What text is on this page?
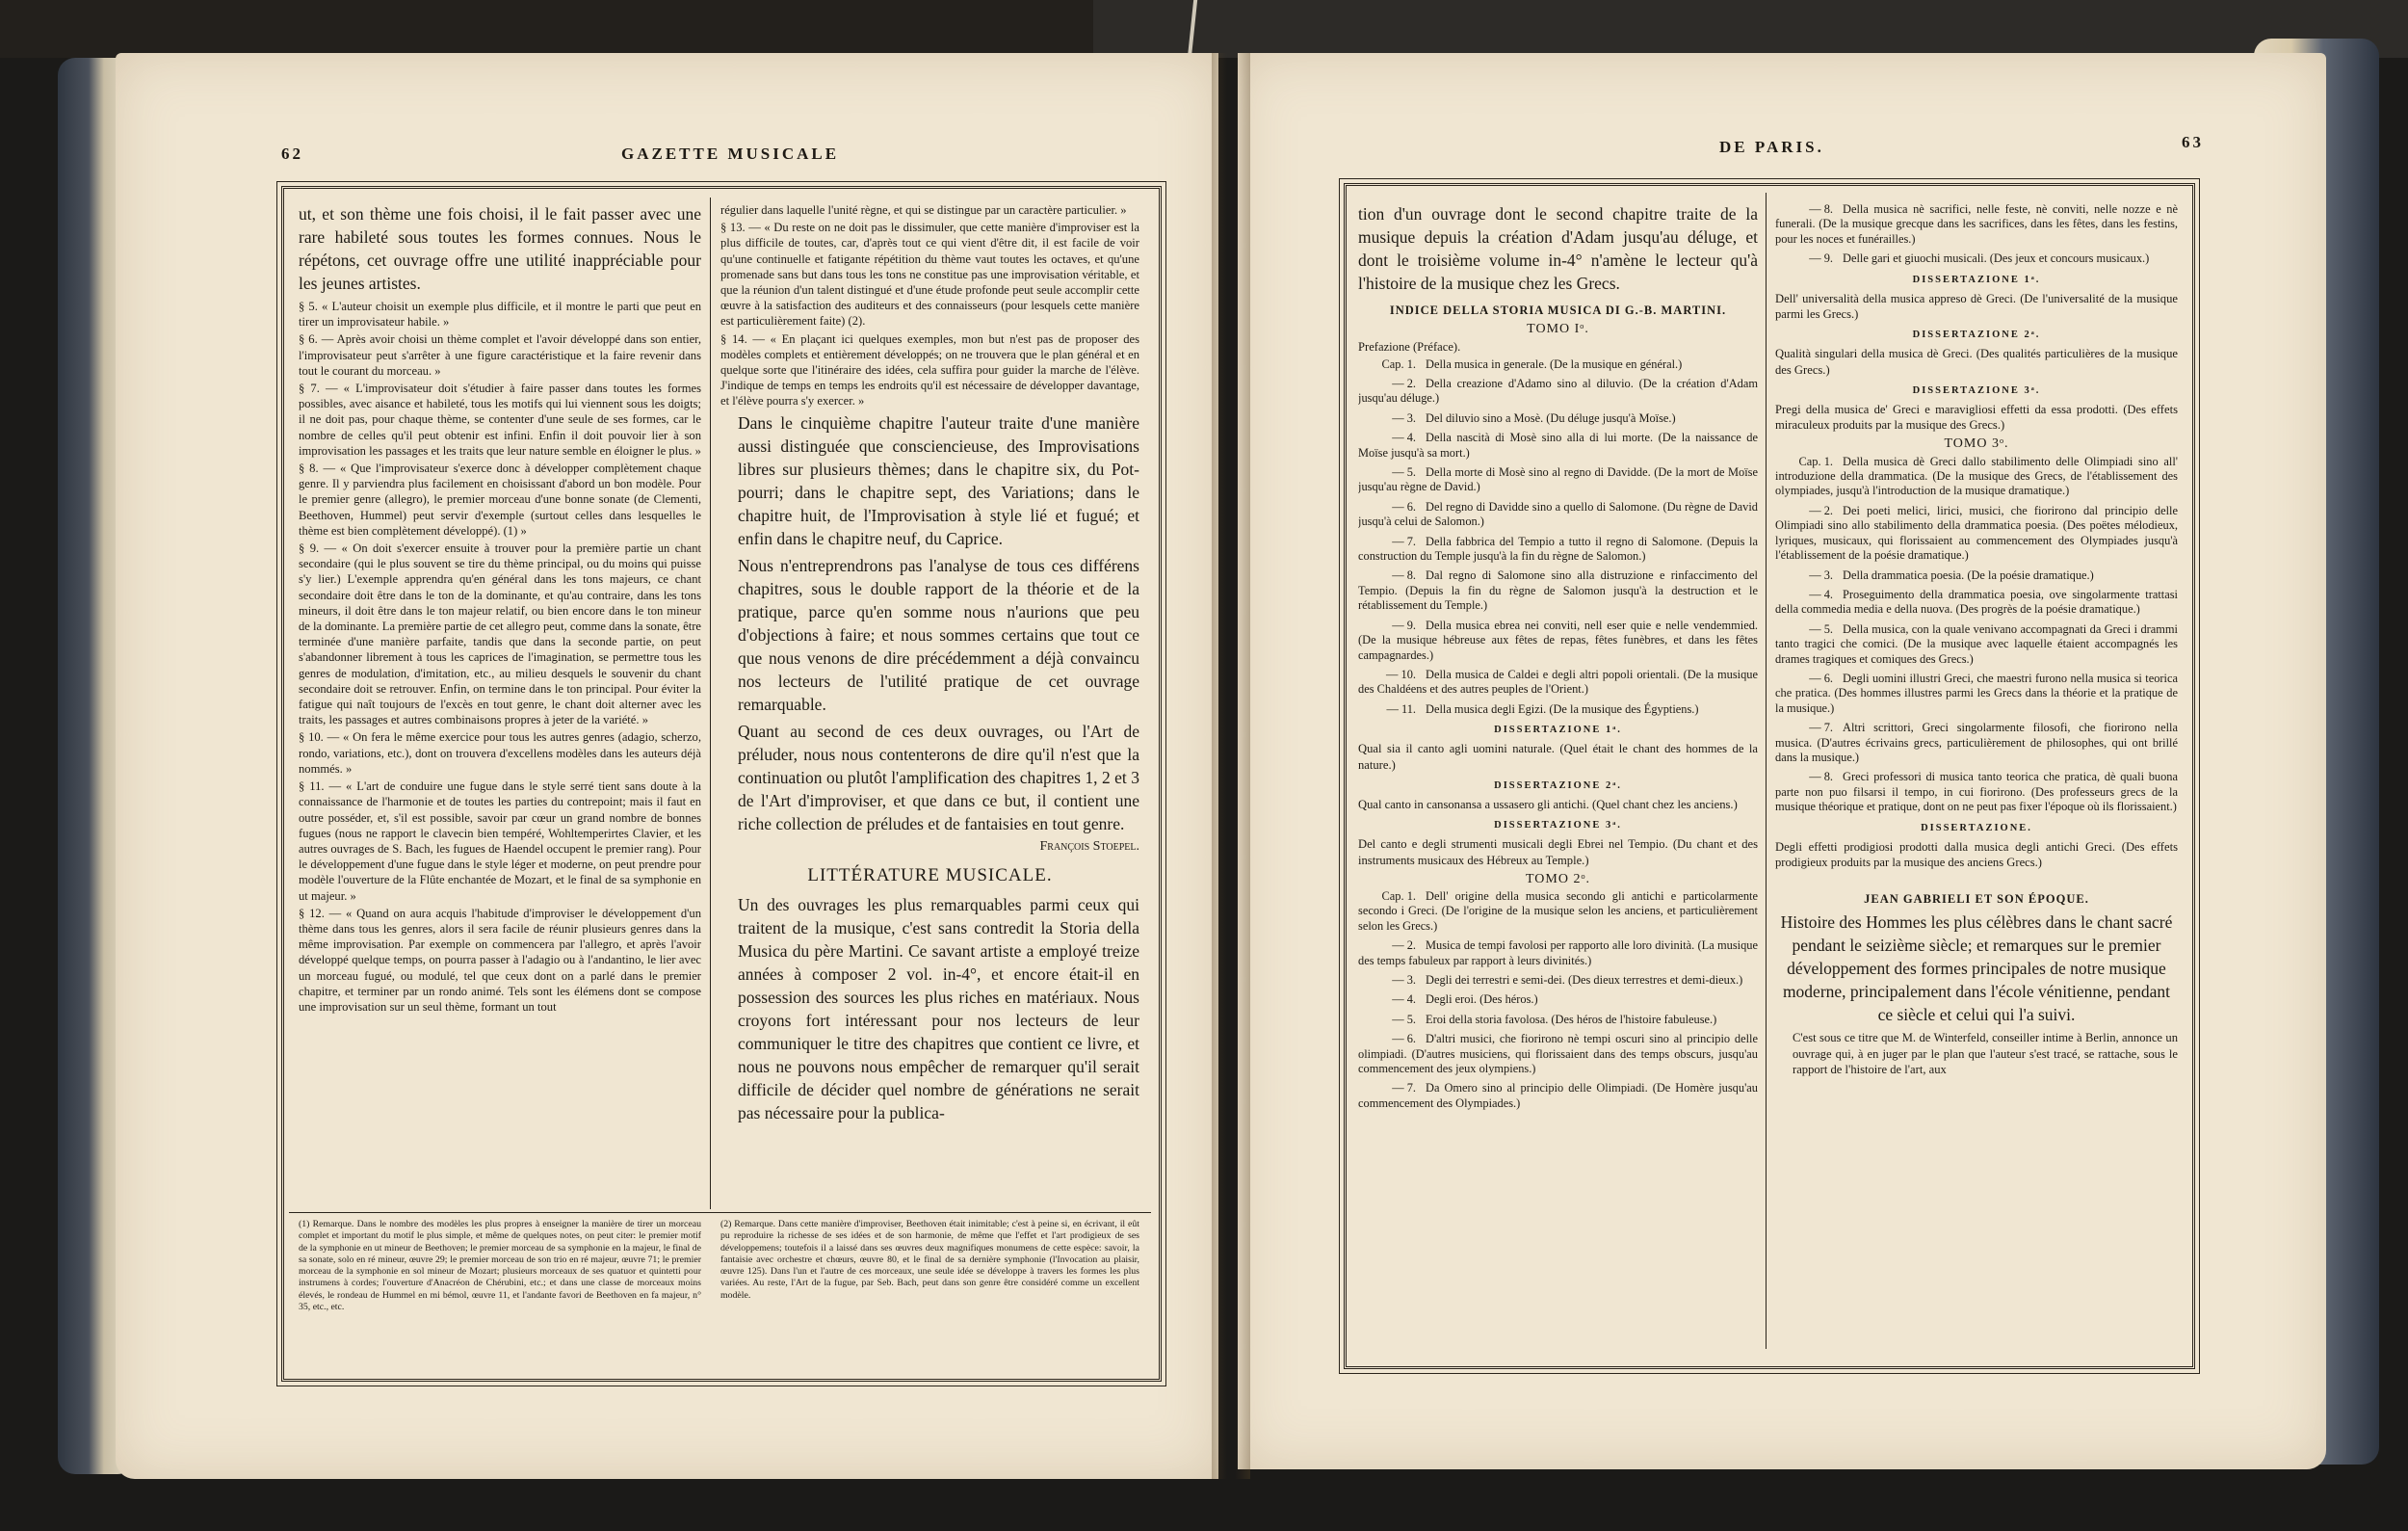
62	GAZETTE MUSICALE

ut, et son thème une fois choisi, il le fait passer avec une rare habileté sous toutes les formes connues. Nous le répétons, cet ouvrage offre une utilité inappréciable pour les jeunes artistes.

§ 5. « L'auteur choisit un exemple plus difficile, et il montre le parti que peut en tirer un improvisateur habile. »

§ 6. — Après avoir choisi un thème complet et l'avoir développé dans son entier, l'improvisateur peut s'arrêter à une figure caractéristique et la faire revenir dans tout le courant du morceau. »

§ 7. — « L'improvisateur doit s'étudier à faire passer dans toutes les formes possibles, avec aisance et habileté, tous les motifs qui lui viennent sous les doigts; il ne doit pas, pour chaque thème, se contenter d'une seule de ses formes, car le nombre de celles qu'il peut obtenir est infini. Enfin il doit pouvoir lier à son improvisation les passages et les traits que leur nature semble en éloigner le plus. »

§ 8. — « Que l'improvisateur s'exerce donc à développer complètement chaque genre. Il y parviendra plus facilement en choisissant d'abord un bon modèle. Pour le premier genre (allegro), le premier morceau d'une bonne sonate (de Clementi, Beethoven, Hummel) peut servir d'exemple (surtout celles dans lesquelles le thème est bien complètement développé). (1) »

§ 9. — « On doit s'exercer ensuite à trouver pour la première partie un chant secondaire (qui le plus souvent se tire du thème principal, ou du moins qui puisse s'y lier.) L'exemple apprendra qu'en général dans les tons majeurs, ce chant secondaire doit être dans le ton de la dominante, et qu'au contraire, dans les tons mineurs, il doit être dans le ton majeur relatif, ou bien encore dans le ton mineur de la dominante. La première partie de cet allegro peut, comme dans la sonate, être terminée d'une manière parfaite, tandis que dans la seconde partie, on peut s'abandonner librement à tous les caprices de l'imagination, se permettre tous les genres de modulation, d'imitation, etc., au milieu desquels le souvenir du chant secondaire doit se retrouver. Enfin, on termine dans le ton principal. Pour éviter la fatigue qui naît toujours de l'excès en tout genre, le chant doit alterner avec les traits, les passages et autres combinaisons propres à jeter de la variété. »

§ 10. — « On fera le même exercice pour tous les autres genres (adagio, scherzo, rondo, variations, etc.), dont on trouvera d'excellens modèles dans les auteurs déjà nommés. »

§ 11. — « L'art de conduire une fugue dans le style serré tient sans doute à la connaissance de l'harmonie et de toutes les parties du contrepoint; mais il faut en outre posséder, et, s'il est possible, savoir par cœur un grand nombre de bonnes fugues (nous ne rapport le clavecin bien tempéré, Wohltemperirtes Clavier, et les autres ouvrages de S. Bach, les fugues de Haendel occupent le premier rang). Pour le développement d'une fugue dans le style léger et moderne, on peut prendre pour modèle l'ouverture de la Flûte enchantée de Mozart, et le final de sa symphonie en ut majeur. »

§ 12. — « Quand on aura acquis l'habitude d'improviser le développement d'un thème dans tous les genres, alors il sera facile de réunir plusieurs genres dans la même improvisation. Par exemple on commencera par l'allegro, et après l'avoir développé quelque temps, on pourra passer à l'adagio ou à l'andantino, le lier avec un morceau fugué, ou modulé, tel que ceux dont on a parlé dans le premier chapitre, et terminer par un rondo animé. Tels sont les élémens dont se compose une improvisation sur un seul thème, formant un tout

(1) Remarque. Dans le nombre des modèles les plus propres à enseigner la manière de tirer un morceau complet et important du motif le plus simple, et même de quelques notes, on peut citer: le premier motif de la symphonie en ut mineur de Beethoven; le premier morceau de sa symphonie en la majeur, le final de sa sonate, solo en ré mineur, œuvre 29; le premier morceau de son trio en ré majeur, œuvre 71; le premier morceau de la symphonie en sol mineur de Mozart; plusieurs morceaux de ses quatuor et quintetti pour instrumens à cordes; l'ouverture d'Anacréon de Chérubini, etc.; et dans une classe de morceaux moins élevés, le rondeau de Hummel en mi bémol, œuvre 11, et l'andante favori de Beethoven en fa majeur, n° 35, etc., etc.

régulier dans laquelle l'unité règne, et qui se distingue par un caractère particulier. »

§ 13. — « Du reste on ne doit pas le dissimuler, que cette manière d'improviser est la plus difficile de toutes, car, d'après tout ce qui vient d'être dit, il est facile de voir qu'une continuelle et fatigante répétition du thème vaut toutes les octaves, et qu'une promenade sans but dans tous les tons ne constitue pas une improvisation véritable, et que la réunion d'un talent distingué et d'une étude profonde peut seule accomplir cette œuvre à la satisfaction des auditeurs et des connaisseurs (pour lesquels cette manière est particulièrement faite) (2).

§ 14. — « En plaçant ici quelques exemples, mon but n'est pas de proposer des modèles complets et entièrement développés; on ne trouvera que le plan général et en quelque sorte que l'itinéraire des idées, cela suffira pour guider la marche de l'élève. J'indique de temps en temps les endroits qu'il est nécessaire de développer davantage, et l'élève pourra s'y exercer. »

Dans le cinquième chapitre l'auteur traite d'une manière aussi distinguée que consciencieuse, des Improvisations libres sur plusieurs thèmes; dans le chapitre six, du Pot-pourri; dans le chapitre sept, des Variations; dans le chapitre huit, de l'Improvisation à style lié et fugué; et enfin dans le chapitre neuf, du Caprice.

Nous n'entreprendrons pas l'analyse de tous ces différens chapitres, sous le double rapport de la théorie et de la pratique, parce qu'en somme nous n'aurions que peu d'objections à faire; et nous sommes certains que tout ce que nous venons de dire précédemment a déjà convaincu nos lecteurs de l'utilité pratique de cet ouvrage remarquable.

Quant au second de ces deux ouvrages, ou l'Art de préluder, nous nous contenterons de dire qu'il n'est que la continuation ou plutôt l'amplification des chapitres 1, 2 et 3 de l'Art d'improviser, et que dans ce but, il contient une riche collection de préludes et de fantaisies en tout genre.

François Stoepel.

LITTÉRATURE MUSICALE.

Un des ouvrages les plus remarquables parmi ceux qui traitent de la musique, c'est sans contredit la Storia della Musica du père Martini. Ce savant artiste a employé treize années à composer 2 vol. in-4°, et encore était-il en possession des sources les plus riches en matériaux. Nous croyons fort intéressant pour nos lecteurs de leur communiquer le titre des chapitres que contient ce livre, et nous ne pouvons nous empêcher de remarquer qu'il serait difficile de décider quel nombre de générations ne serait pas nécessaire pour la publica-

(2) Remarque. Dans cette manière d'improviser, Beethoven était inimitable; c'est à peine si, en écrivant, il eût pu reproduire la richesse de ses idées et de son harmonie, de même que l'effet et l'art prodigieux de ses développemens; toutefois il a laissé dans ses œuvres deux magnifiques monumens de cette espèce: savoir, la fantaisie avec orchestre et chœurs, œuvre 80, et le final de sa dernière symphonie (l'Invocation au plaisir, œuvre 125). Dans l'un et l'autre de ces morceaux, une seule idée se développe à travers les formes les plus variées. Au reste, l'Art de la fugue, par Seb. Bach, peut dans son genre être considéré comme un excellent modèle.

DE PARIS.	63

tion d'un ouvrage dont le second chapitre traite de la musique depuis la création d'Adam jusqu'au déluge, et dont le troisième volume in-4° n'amène le lecteur qu'à l'histoire de la musique chez les Grecs.

INDICE DELLA STORIA MUSICA DI G.-B. MARTINI.
TOMO Iᵒ.

Prefazione (Préface).

Cap. 1. Della musica in generale. (De la musique en général.)
— 2. Della creazione d'Adamo sino al diluvio. (De la création d'Adam jusqu'au déluge.)
— 3. Del diluvio sino a Mosè. (Du déluge jusqu'à Moïse.)
— 4. Della nascità di Mosè sino alla di lui morte. (De la naissance de Moïse jusqu'à sa mort.)
— 5. Della morte di Mosè sino al regno di Davidde. (De la mort de Moïse jusqu'au règne de David.)
— 6. Del regno di Davidde sino a quello di Salomone. (Du règne de David jusqu'à celui de Salomon.)
— 7. Della fabbrica del Tempio a tutto il regno di Salomone. (Depuis la construction du Temple jusqu'à la fin du règne de Salomon.)
— 8. Dal regno di Salomone sino alla distruzione e rinfaccimento del Tempio. (Depuis la fin du règne de Salomon jusqu'à la destruction et le rétablissement du Temple.)
— 9. Della musica ebrea nei conviti, nell eser quie e nelle vendemmied. (De la musique hébreuse aux fêtes de repas, fêtes funèbres, et dans les fêtes campagnardes.)
— 10. Della musica de Caldei e degli altri popoli orientali. (De la musique des Chaldéens et des autres peuples de l'Orient.)
— 11. Della musica degli Egizi. (De la musique des Égyptiens.)
DISSERTAZIONE 1ᵃ.

Qual sia il canto agli uomini naturale. (Quel était le chant des hommes de la nature.)

DISSERTAZIONE 2ᵃ.

Qual canto in cansonansa a ussasero gli antichi. (Quel chant chez les anciens.)

DISSERTAZIONE 3ᵃ.

Del canto e degli strumenti musicali degli Ebrei nel Tempio. (Du chant et des instruments musicaux des Hébreux au Temple.)

TOMO 2ᵒ.
Cap. 1. Dell' origine della musica secondo gli antichi e particolarmente secondo i Greci. (De l'origine de la musique selon les anciens, et particulièrement selon les Grecs.)
— 2. Musica de tempi favolosi per rapporto alle loro divinità. (La musique des temps fabuleux par rapport à leurs divinités.)
— 3. Degli dei terrestri e semi-dei. (Des dieux terrestres et demi-dieux.)
— 4. Degli eroi. (Des héros.)
— 5. Eroi della storia favolosa. (Des héros de l'histoire fabuleuse.)
— 6. D'altri musici, che fiorirono nè tempi oscuri sino al principio delle olimpiadi. (D'autres musiciens, qui florissaient dans des temps obscurs, jusqu'au commencement des jeux olympiens.)
— 7. Da Omero sino al principio delle Olimpiadi. (De Homère jusqu'au commencement des Olympiades.)
— 8. Della musica nè sacrifici, nelle feste, nè conviti, nelle nozze e nè funerali. (De la musique grecque dans les sacrifices, dans les fêtes, dans les festins, pour les noces et funérailles.)
— 9. Delle gari et giuochi musicali. (Des jeux et concours musicaux.)
DISSERTAZIONE 1ᵃ.

Dell' universalità della musica appreso dè Greci. (De l'universalité de la musique parmi les Grecs.)

DISSERTAZIONE 2ᵃ.

Qualità singulari della musica dè Greci. (Des qualités particulières de la musique des Grecs.)

DISSERTAZIONE 3ᵃ.

Pregi della musica de' Greci e maravigliosi effetti da essa prodotti. (Des effets miraculeux produits par la musique des Grecs.)

TOMO 3ᵒ.
Cap. 1. Della musica dè Greci dallo stabilimento delle Olimpiadi sino all' introduzione della drammatica. (De la musique des Grecs, de l'établissement des olympiades, jusqu'à l'introduction de la musique dramatique.)
— 2. Dei poeti melici, lirici, musici, che fiorirono dal principio delle Olimpiadi sino allo stabilimento della drammatica poesia. (Des poëtes mélodieux, lyriques, musicaux, qui florissaient au commencement des Olympiades jusqu'à l'établissement de la poésie dramatique.)
— 3. Della drammatica poesia. (De la poésie dramatique.)
— 4. Proseguimento della drammatica poesia, ove singolarmente trattasi della commedia media e della nuova. (Des progrès de la poésie dramatique.)
— 5. Della musica, con la quale venivano accompagnati da Greci i drammi tanto tragici che comici. (De la musique avec laquelle étaient accompagnés les drames tragiques et comiques des Grecs.)
— 6. Degli uomini illustri Greci, che maestri furono nella musica si teorica che pratica. (Des hommes illustres parmi les Grecs dans la théorie et la pratique de la musique.)
— 7. Altri scrittori, Greci singolarmente filosofi, che fiorirono nella musica. (D'autres écrivains grecs, particulièrement de philosophes, qui ont brillé dans la musique.)
— 8. Greci professori di musica tanto teorica che pratica, dè quali buona parte non puo filsarsi il tempo, in cui fiorirono. (Des professeurs grecs de la musique théorique et pratique, dont on ne peut pas fixer l'époque où ils florissaient.)
DISSERTAZIONE.

Degli effetti prodigiosi prodotti dalla musica degli antichi Greci. (Des effets prodigieux produits par la musique des anciens Grecs.)

JEAN GABRIELI ET SON ÉPOQUE.

Histoire des Hommes les plus célèbres dans le chant sacré pendant le seizième siècle; et remarques sur le premier développement des formes principales de notre musique moderne, principalement dans l'école vénitienne, pendant ce siècle et celui qui l'a suivi.

C'est sous ce titre que M. de Winterfeld, conseiller intime à Berlin, annonce un ouvrage qui, à en juger par le plan que l'auteur s'est tracé, se rattache, sous le rapport de l'histoire de l'art, aux
